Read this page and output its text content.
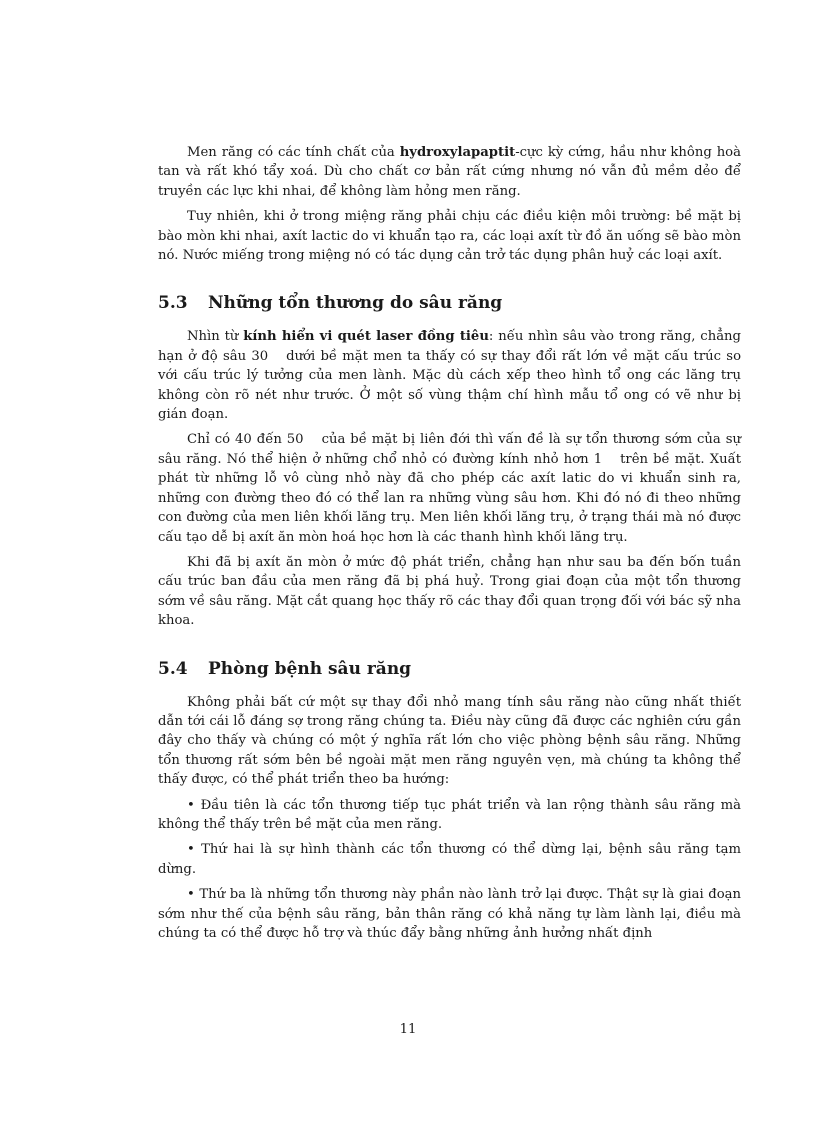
Men răng có các tính chất của hydroxylapaptit-cực kỳ cứng, hầu như không hoà tan và rất khó tẩy xoá. Dù cho chất cơ bản rất cứng nhưng nó vẫn đủ mềm dẻo để truyền các lực khi nhai, để không làm hỏng men răng.

Tuy nhiên, khi ở trong miệng răng phải chịu các điều kiện môi trường: bề mặt bị bào mòn khi nhai, axít lactic do vi khuẩn tạo ra, các loại axít từ đồ ăn uống sẽ bào mòn nó. Nước miếng trong miệng nó có tác dụng cản trở tác dụng phân huỷ các loại axít.

5.3 Những tổn thương do sâu răng

Nhìn từ kính hiển vi quét laser đồng tiêu: nếu nhìn sâu vào trong răng, chẳng hạn ở độ sâu 30 dưới bề mặt men ta thấy có sự thay đổi rất lớn về mặt cấu trúc so với cấu trúc lý tưởng của men lành. Mặc dù cách xếp theo hình tổ ong các lăng trụ không còn rõ nét như trước. Ở một số vùng thậm chí hình mẫu tổ ong có vẽ như bị gián đoạn.

Chỉ có 40 đến 50 của bề mặt bị liên đới thì vấn đề là sự tổn thương sớm của sự sâu răng. Nó thể hiện ở những chổ nhỏ có đường kính nhỏ hơn 1 trên bề mặt. Xuất phát từ những lỗ vô cùng nhỏ này đã cho phép các axít latic do vi khuẩn sinh ra, những con đường theo đó có thể lan ra những vùng sâu hơn. Khi đó nó đi theo những con đường của men liên khối lăng trụ. Men liên khối lăng trụ, ở trạng thái mà nó được cấu tạo dễ bị axít ăn mòn hoá học hơn là các thanh hình khối lăng trụ.

Khi đã bị axít ăn mòn ở mức độ phát triển, chẳng hạn như sau ba đến bốn tuần cấu trúc ban đầu của men răng đã bị phá huỷ. Trong giai đoạn của một tổn thương sớm về sâu răng. Mặt cắt quang học thấy rõ các thay đổi quan trọng đối với bác sỹ nha khoa.

5.4 Phòng bệnh sâu răng

Không phải bất cứ một sự thay đổi nhỏ mang tính sâu răng nào cũng nhất thiết dẫn tới cái lỗ đáng sợ trong răng chúng ta. Điều này cũng đã được các nghiên cứu gần đây cho thấy và chúng có một ý nghĩa rất lớn cho việc phòng bệnh sâu răng. Những tổn thương rất sớm bên bề ngoài mặt men răng nguyên vẹn, mà chúng ta không thể thấy được, có thể phát triển theo ba hướng:

• Đầu tiên là các tổn thương tiếp tục phát triển và lan rộng thành sâu răng mà không thể thấy trên bề mặt của men răng.

• Thứ hai là sự hình thành các tổn thương có thể dừng lại, bệnh sâu răng tạm dừng.

• Thứ ba là những tổn thương này phần nào lành trở lại được. Thật sự là giai đoạn sớm như thế của bệnh sâu răng, bản thân răng có khả năng tự làm lành lại, điều mà chúng ta có thể được hỗ trợ và thúc đẩy bằng những ảnh hưởng nhất định

11
